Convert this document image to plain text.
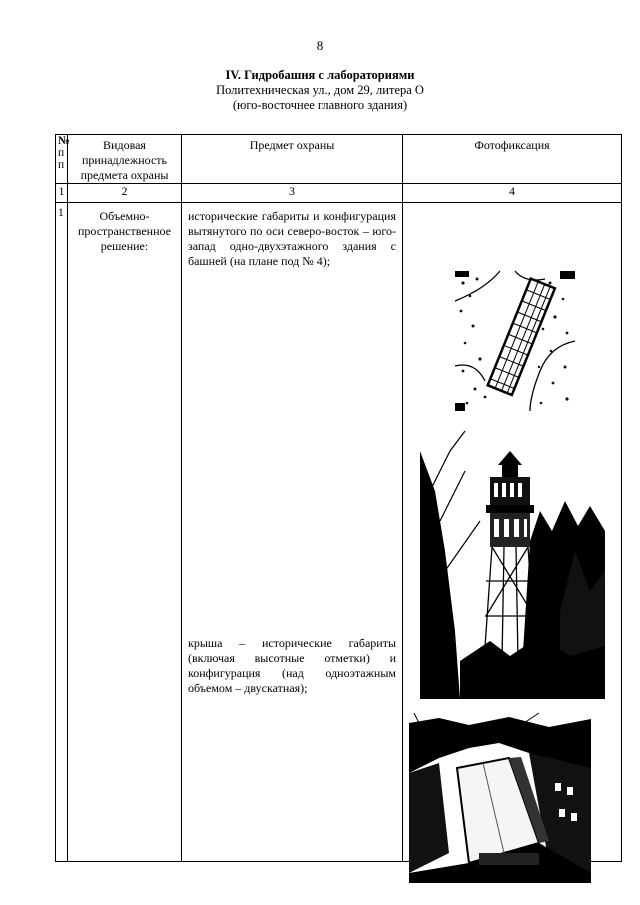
8
IV. Гидробашня с лабораториями
Политехническая ул., дом 29, литера О
(юго-восточнее главного здания)
№
п
п	Видовая принадлежность предмета охраны	Предмет охраны	Фотофиксация
1	2	3	4

1	Объемно-пространственное решение:	исторические габариты и конфигурация вытянутого по оси северо-восток – юго-запад одно-двухэтажного здания с башней (на плане под № 4);
крыша – исторические габариты (включая высотные отметки) и конфигурация (над одноэтажным объемом – двускатная);
